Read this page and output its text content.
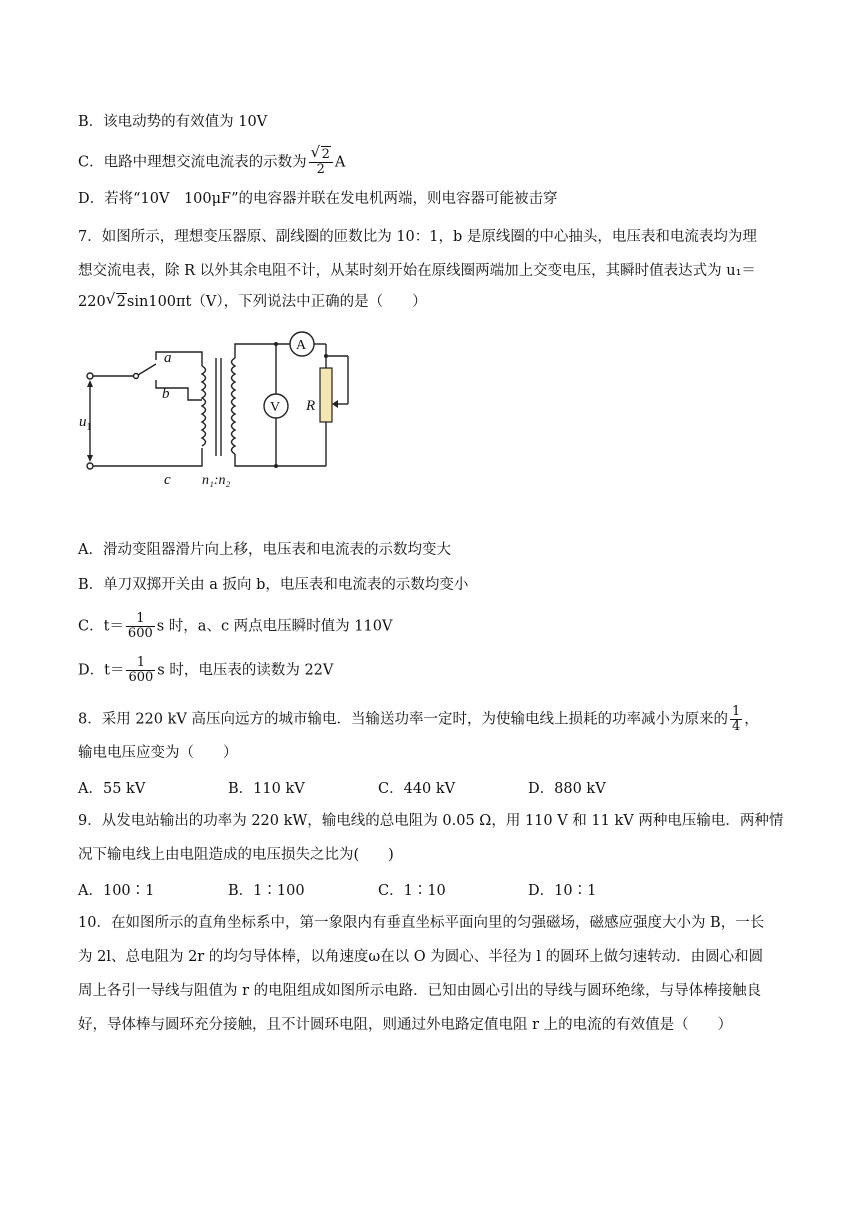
B．该电动势的有效值为 10V
C．电路中理想交流电流表的示数为 $\frac{√ 2}{2}$ A
D．若将“10V　100μF”的电容器并联在发电机两端，则电容器可能被击穿
7．如图所示，理想变压器原、副线圈的匝数比为 10：1，b 是原线圈的中心抽头，电压表和电流表均为理
想交流电表，除 R 以外其余电阻不计，从某时刻开始在原线圈两端加上交变电压，其瞬时值表达式为 u₁＝
220 √ 2sin100πt（V），下列说法中正确的是（　　）
a
b
c
$u_1$
R
n₁:n₂
A
V
A．滑动变阻器滑片向上移，电压表和电流表的示数均变大
B．单刀双掷开关由 a 扳向 b，电压表和电流表的示数均变小
C．$t= \frac{1}{600}$ s 时，a、c 两点电压瞬时值为 110V
D．$t= \frac{1}{600}$ s 时，电压表的读数为 22V
8．采用 220 kV 高压向远方的城市输电．当输送功率一定时，为使输电线上损耗的功率减小为原来的 $\frac{1}{4}$ ，
输电电压应变为（　　）
A．55 kV	B．110 kV	C．440 kV	D．880 kV
9．从发电站输出的功率为 220 kW，输电线的总电阻为 0.05 Ω，用 110 V 和 11 kV 两种电压输电．两种情
况下输电线上由电阻造成的电压损失之比为(　　)
A．100∶1	B．1∶100	C．1∶10	D．10∶1
10．在如图所示的直角坐标系中，第一象限内有垂直坐标平面向里的匀强磁场，磁感应强度大小为 B，一长
为 2l、总电阻为 2r 的均匀导体棒，以角速度ω在以 O 为圆心、半径为 l 的圆环上做匀速转动．由圆心和圆
周上各引一导线与阻值为 r 的电阻组成如图所示电路．已知由圆心引出的导线与圆环绝缘，与导体棒接触良
好，导体棒与圆环充分接触，且不计圆环电阻，则通过外电路定值电阻 r 上的电流的有效值是（　　）
